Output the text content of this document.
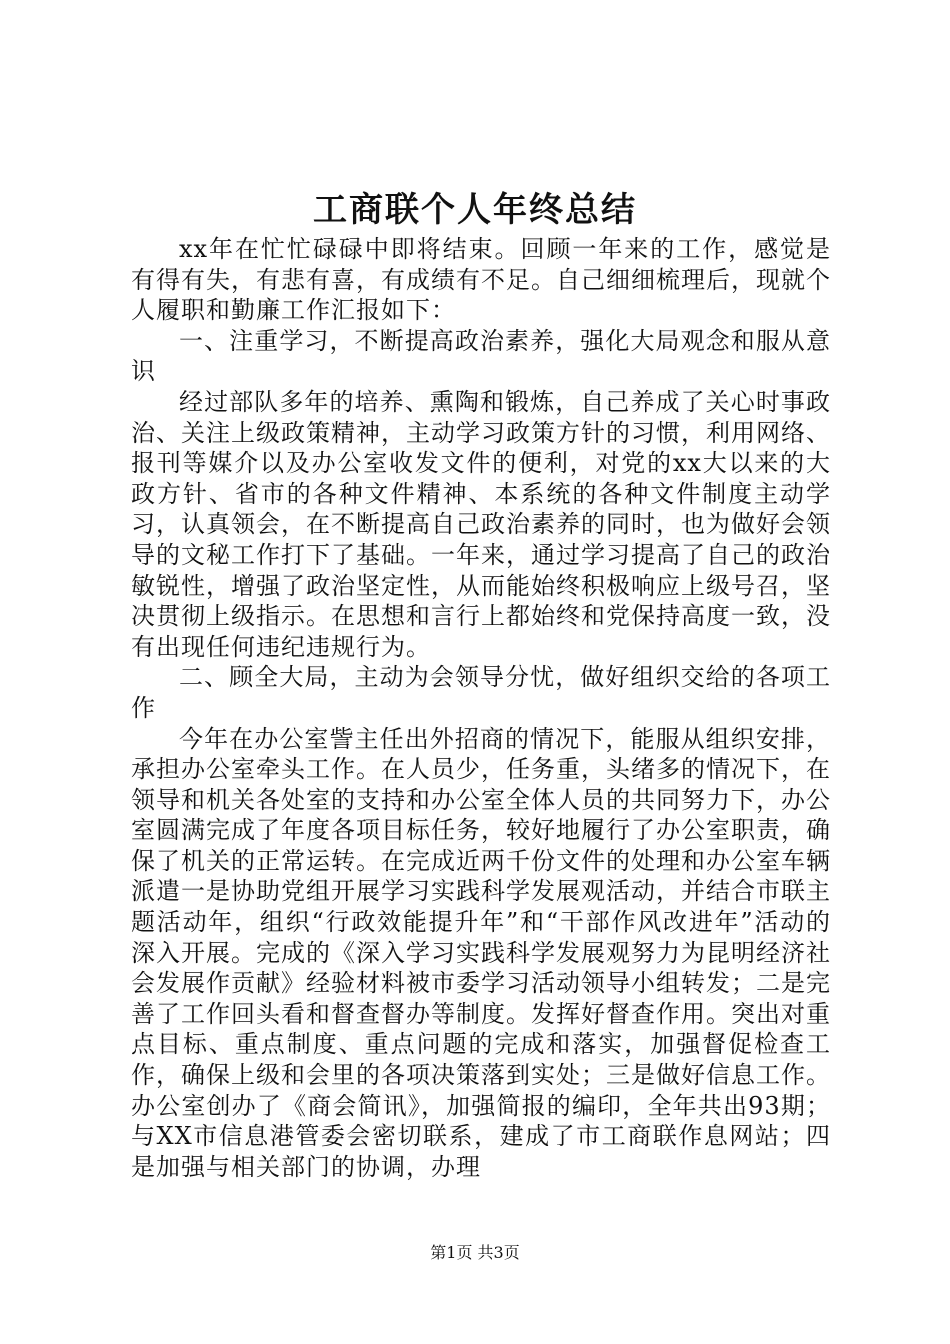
工商联个人年终总结

xx年在忙忙碌碌中即将结束。回顾一年来的工作，感觉是有得有失，有悲有喜，有成绩有不足。自己细细梳理后，现就个人履职和勤廉工作汇报如下：

一、注重学习，不断提高政治素养，强化大局观念和服从意识

经过部队多年的培养、熏陶和锻炼，自己养成了关心时事政治、关注上级政策精神，主动学习政策方针的习惯，利用网络、报刊等媒介以及办公室收发文件的便利，对党的xx大以来的大政方针、省市的各种文件精神、本系统的各种文件制度主动学习，认真领会，在不断提高自己政治素养的同时，也为做好会领导的文秘工作打下了基础。一年来，通过学习提高了自己的政治敏锐性，增强了政治坚定性，从而能始终积极响应上级号召，坚决贯彻上级指示。在思想和言行上都始终和党保持高度一致，没有出现任何违纪违规行为。

二、顾全大局，主动为会领导分忧，做好组织交给的各项工作

今年在办公室訾主任出外招商的情况下，能服从组织安排，承担办公室牵头工作。在人员少，任务重，头绪多的情况下，在领导和机关各处室的支持和办公室全体人员的共同努力下，办公室圆满完成了年度各项目标任务，较好地履行了办公室职责，确保了机关的正常运转。在完成近两千份文件的处理和办公室车辆派遣一是协助党组开展学习实践科学发展观活动，并结合市联主题活动年，组织“行政效能提升年”和“干部作风改进年”活动的深入开展。完成的《深入学习实践科学发展观努力为昆明经济社会发展作贡献》经验材料被市委学习活动领导小组转发；二是完善了工作回头看和督查督办等制度。发挥好督查作用。突出对重点目标、重点制度、重点问题的完成和落实，加强督促检查工作，确保上级和会里的各项决策落到实处；三是做好信息工作。办公室创办了《商会简讯》，加强简报的编印，全年共出93期；与XX市信息港管委会密切联系，建成了市工商联作息网站；四是加强与相关部门的协调，办理

第1页 共3页
